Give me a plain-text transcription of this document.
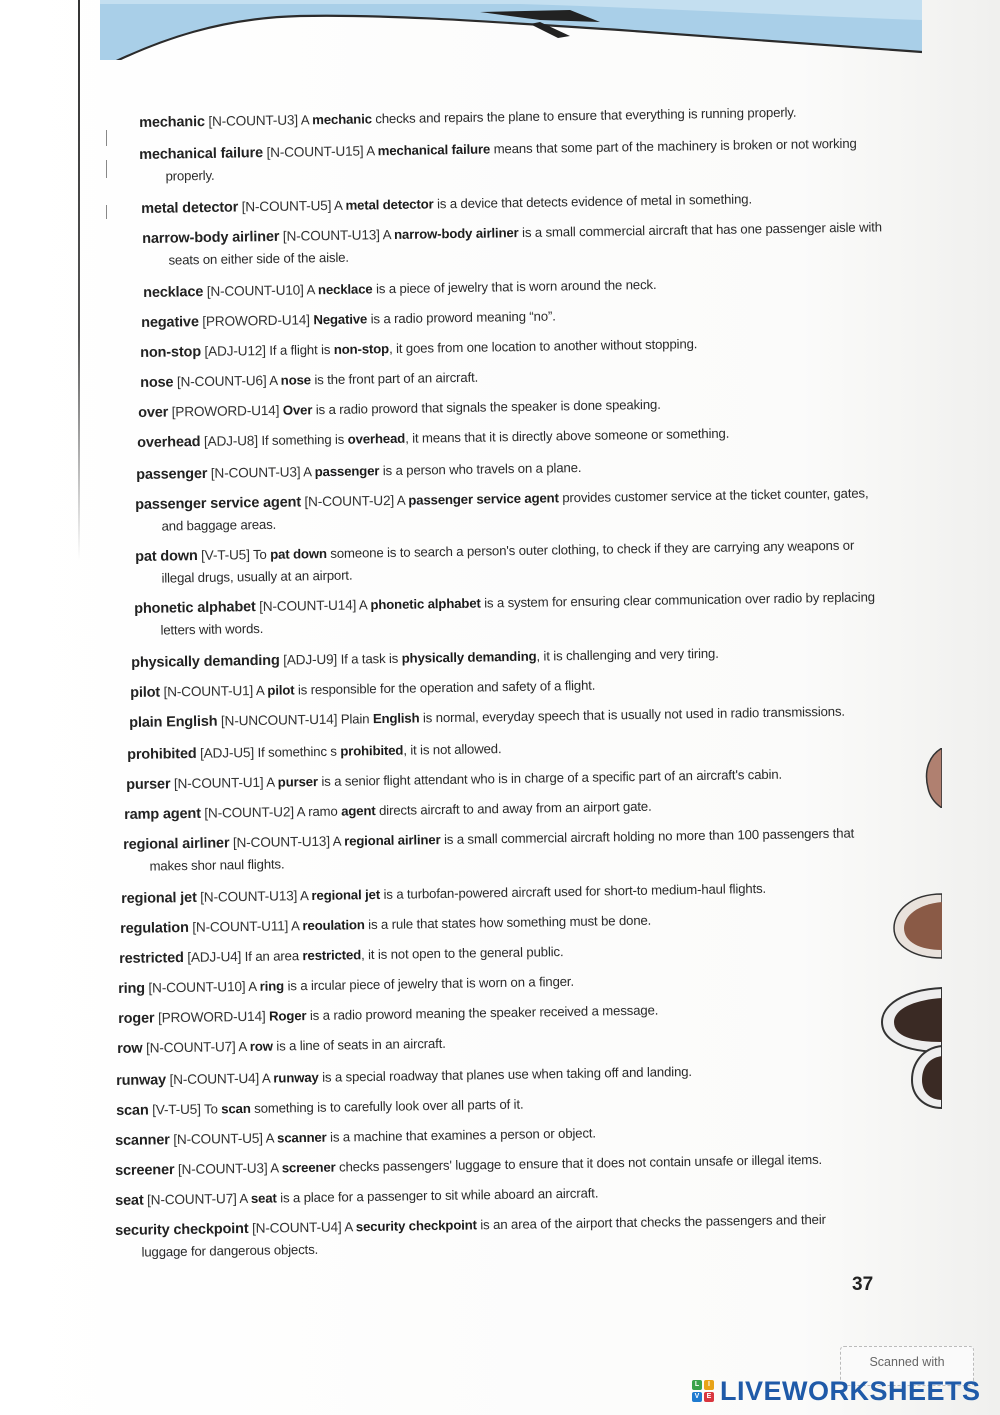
mechanic [N-COUNT-U3] A mechanic checks and repairs the plane to ensure that everything is running properly.
mechanical failure [N-COUNT-U15] A mechanical failure means that some part of the machinery is broken or not working properly.
metal detector [N-COUNT-U5] A metal detector is a device that detects evidence of metal in something.
narrow-body airliner [N-COUNT-U13] A narrow-body airliner is a small commercial aircraft that has one passenger aisle with seats on either side of the aisle.
necklace [N-COUNT-U10] A necklace is a piece of jewelry that is worn around the neck.
negative [PROWORD-U14] Negative is a radio proword meaning “no”.
non-stop [ADJ-U12] If a flight is non-stop, it goes from one location to another without stopping.
nose [N-COUNT-U6] A nose is the front part of an aircraft.
over [PROWORD-U14] Over is a radio proword that signals the speaker is done speaking.
overhead [ADJ-U8] If something is overhead, it means that it is directly above someone or something.
passenger [N-COUNT-U3] A passenger is a person who travels on a plane.
passenger service agent [N-COUNT-U2] A passenger service agent provides customer service at the ticket counter, gates, and baggage areas.
pat down [V-T-U5] To pat down someone is to search a person's outer clothing, to check if they are carrying any weapons or illegal drugs, usually at an airport.
phonetic alphabet [N-COUNT-U14] A phonetic alphabet is a system for ensuring clear communication over radio by replacing letters with words.
physically demanding [ADJ-U9] If a task is physically demanding, it is challenging and very tiring.
pilot [N-COUNT-U1] A pilot is responsible for the operation and safety of a flight.
plain English [N-UNCOUNT-U14] Plain English is normal, everyday speech that is usually not used in radio transmissions.
prohibited [ADJ-U5] If somethinc s prohibited, it is not allowed.
purser [N-COUNT-U1] A purser is a senior flight attendant who is in charge of a specific part of an aircraft's cabin.
ramp agent [N-COUNT-U2] A ramo agent directs aircraft to and away from an airport gate.
regional airliner [N-COUNT-U13] A regional airliner is a small commercial aircraft holding no more than 100 passengers that makes shor naul flights.
regional jet [N-COUNT-U13] A regional jet is a turbofan-powered aircraft used for short-to medium-haul flights.
regulation [N-COUNT-U11] A reoulation is a rule that states how something must be done.
restricted [ADJ-U4] If an area restricted, it is not open to the general public.
ring [N-COUNT-U10] A ring is a ircular piece of jewelry that is worn on a finger.
roger [PROWORD-U14] Roger is a radio proword meaning the speaker received a message.
row [N-COUNT-U7] A row is a line of seats in an aircraft.
runway [N-COUNT-U4] A runway is a special roadway that planes use when taking off and landing.
scan [V-T-U5] To scan something is to carefully look over all parts of it.
scanner [N-COUNT-U5] A scanner is a machine that examines a person or object.
screener [N-COUNT-U3] A screener checks passengers' luggage to ensure that it does not contain unsafe or illegal items.
seat [N-COUNT-U7] A seat is a place for a passenger to sit while aboard an aircraft.
security checkpoint [N-COUNT-U4] A security checkpoint is an area of the airport that checks the passengers and their luggage for dangerous objects.
37
Scanned with
L	I
V	E LIVEWORKSHEETS
